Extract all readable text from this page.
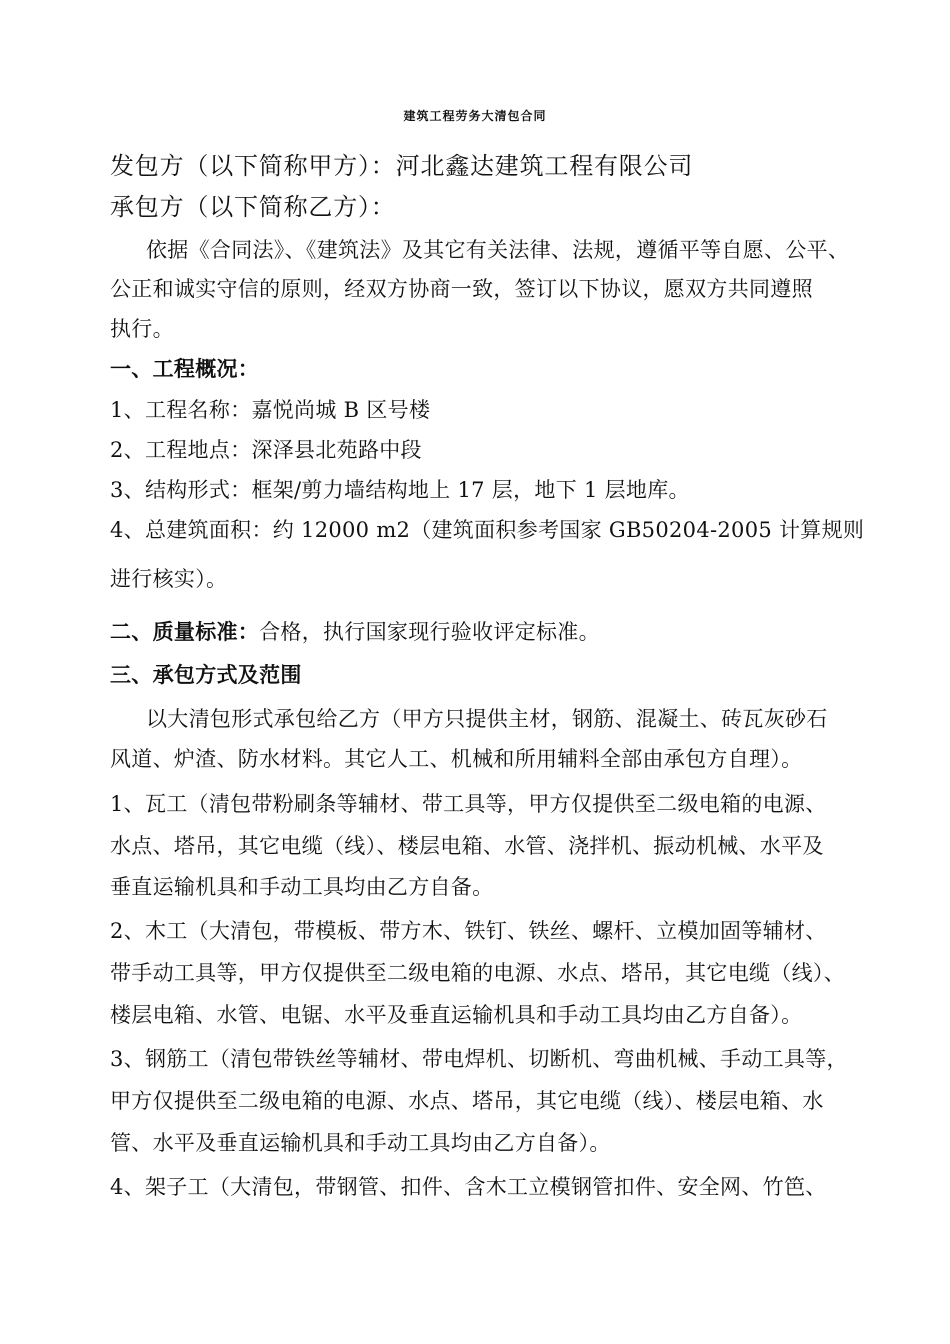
建筑工程劳务大清包合同
发包方（以下简称甲方）：河北鑫达建筑工程有限公司
承包方（以下简称乙方）：
依据《合同法》、《建筑法》及其它有关法律、法规，遵循平等自愿、公平、
公正和诚实守信的原则，经双方协商一致，签订以下协议，愿双方共同遵照
执行。
一、工程概况：
1、工程名称：嘉悦尚城 B 区号楼
2、工程地点：深泽县北苑路中段
3、结构形式：框架/剪力墙结构地上 17 层，地下 1 层地库。
4、总建筑面积：约 12000 m2（建筑面积参考国家 GB50204-2005 计算规则
进行核实）。
二、质量标准：合格，执行国家现行验收评定标准。
三、承包方式及范围
以大清包形式承包给乙方（甲方只提供主材，钢筋、混凝土、砖瓦灰砂石
风道、炉渣、防水材料。其它人工、机械和所用辅料全部由承包方自理）。
1、瓦工（清包带粉刷条等辅材、带工具等，甲方仅提供至二级电箱的电源、
水点、塔吊，其它电缆（线）、楼层电箱、水管、浇拌机、振动机械、水平及
垂直运输机具和手动工具均由乙方自备。
2、木工（大清包，带模板、带方木、铁钉、铁丝、螺杆、立模加固等辅材、
带手动工具等，甲方仅提供至二级电箱的电源、水点、塔吊，其它电缆（线）、
楼层电箱、水管、电锯、水平及垂直运输机具和手动工具均由乙方自备）。
3、钢筋工（清包带铁丝等辅材、带电焊机、切断机、弯曲机械、手动工具等，
甲方仅提供至二级电箱的电源、水点、塔吊，其它电缆（线）、楼层电箱、水
管、水平及垂直运输机具和手动工具均由乙方自备）。
4、架子工（大清包，带钢管、扣件、含木工立模钢管扣件、安全网、竹笆、
